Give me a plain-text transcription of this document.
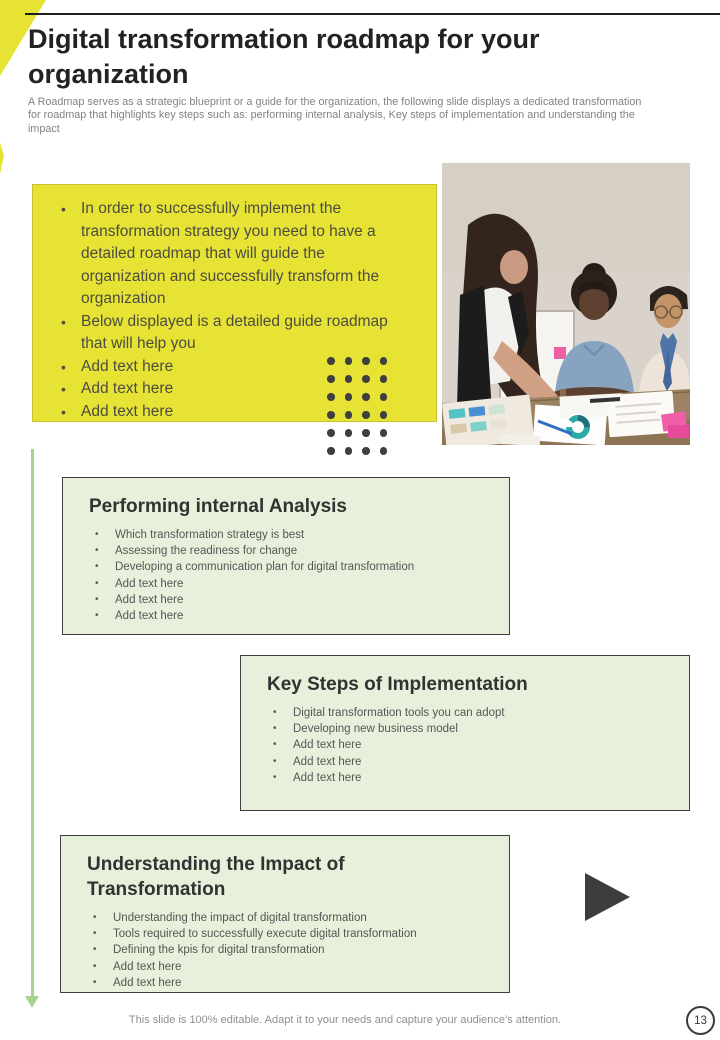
Digital transformation roadmap for your organization

A Roadmap serves as a strategic blueprint or a guide for the organization, the following slide displays a dedicated transformation for roadmap that highlights key steps such as: performing internal analysis, Key steps of implementation and understanding the impact

• In order to successfully implement the transformation strategy you need to have a detailed roadmap that will guide the organization and successfully transform the organization
• Below displayed is a detailed guide roadmap that will help you
• Add text here
• Add text here
• Add text here
Performing internal Analysis
• Which transformation strategy is best
• Assessing the readiness for change
• Developing a communication plan for digital transformation
• Add text here
• Add text here
• Add text here
Key Steps of Implementation
• Digital transformation tools you can adopt
• Developing new business model
• Add text here
• Add text here
• Add text here
Understanding the Impact of Transformation
• Understanding the impact of digital transformation
• Tools required to successfully execute digital transformation
• Defining the kpis for digital transformation
• Add text here
• Add text here

This slide is 100% editable. Adapt it to your needs and capture your audience’s attention.	13
